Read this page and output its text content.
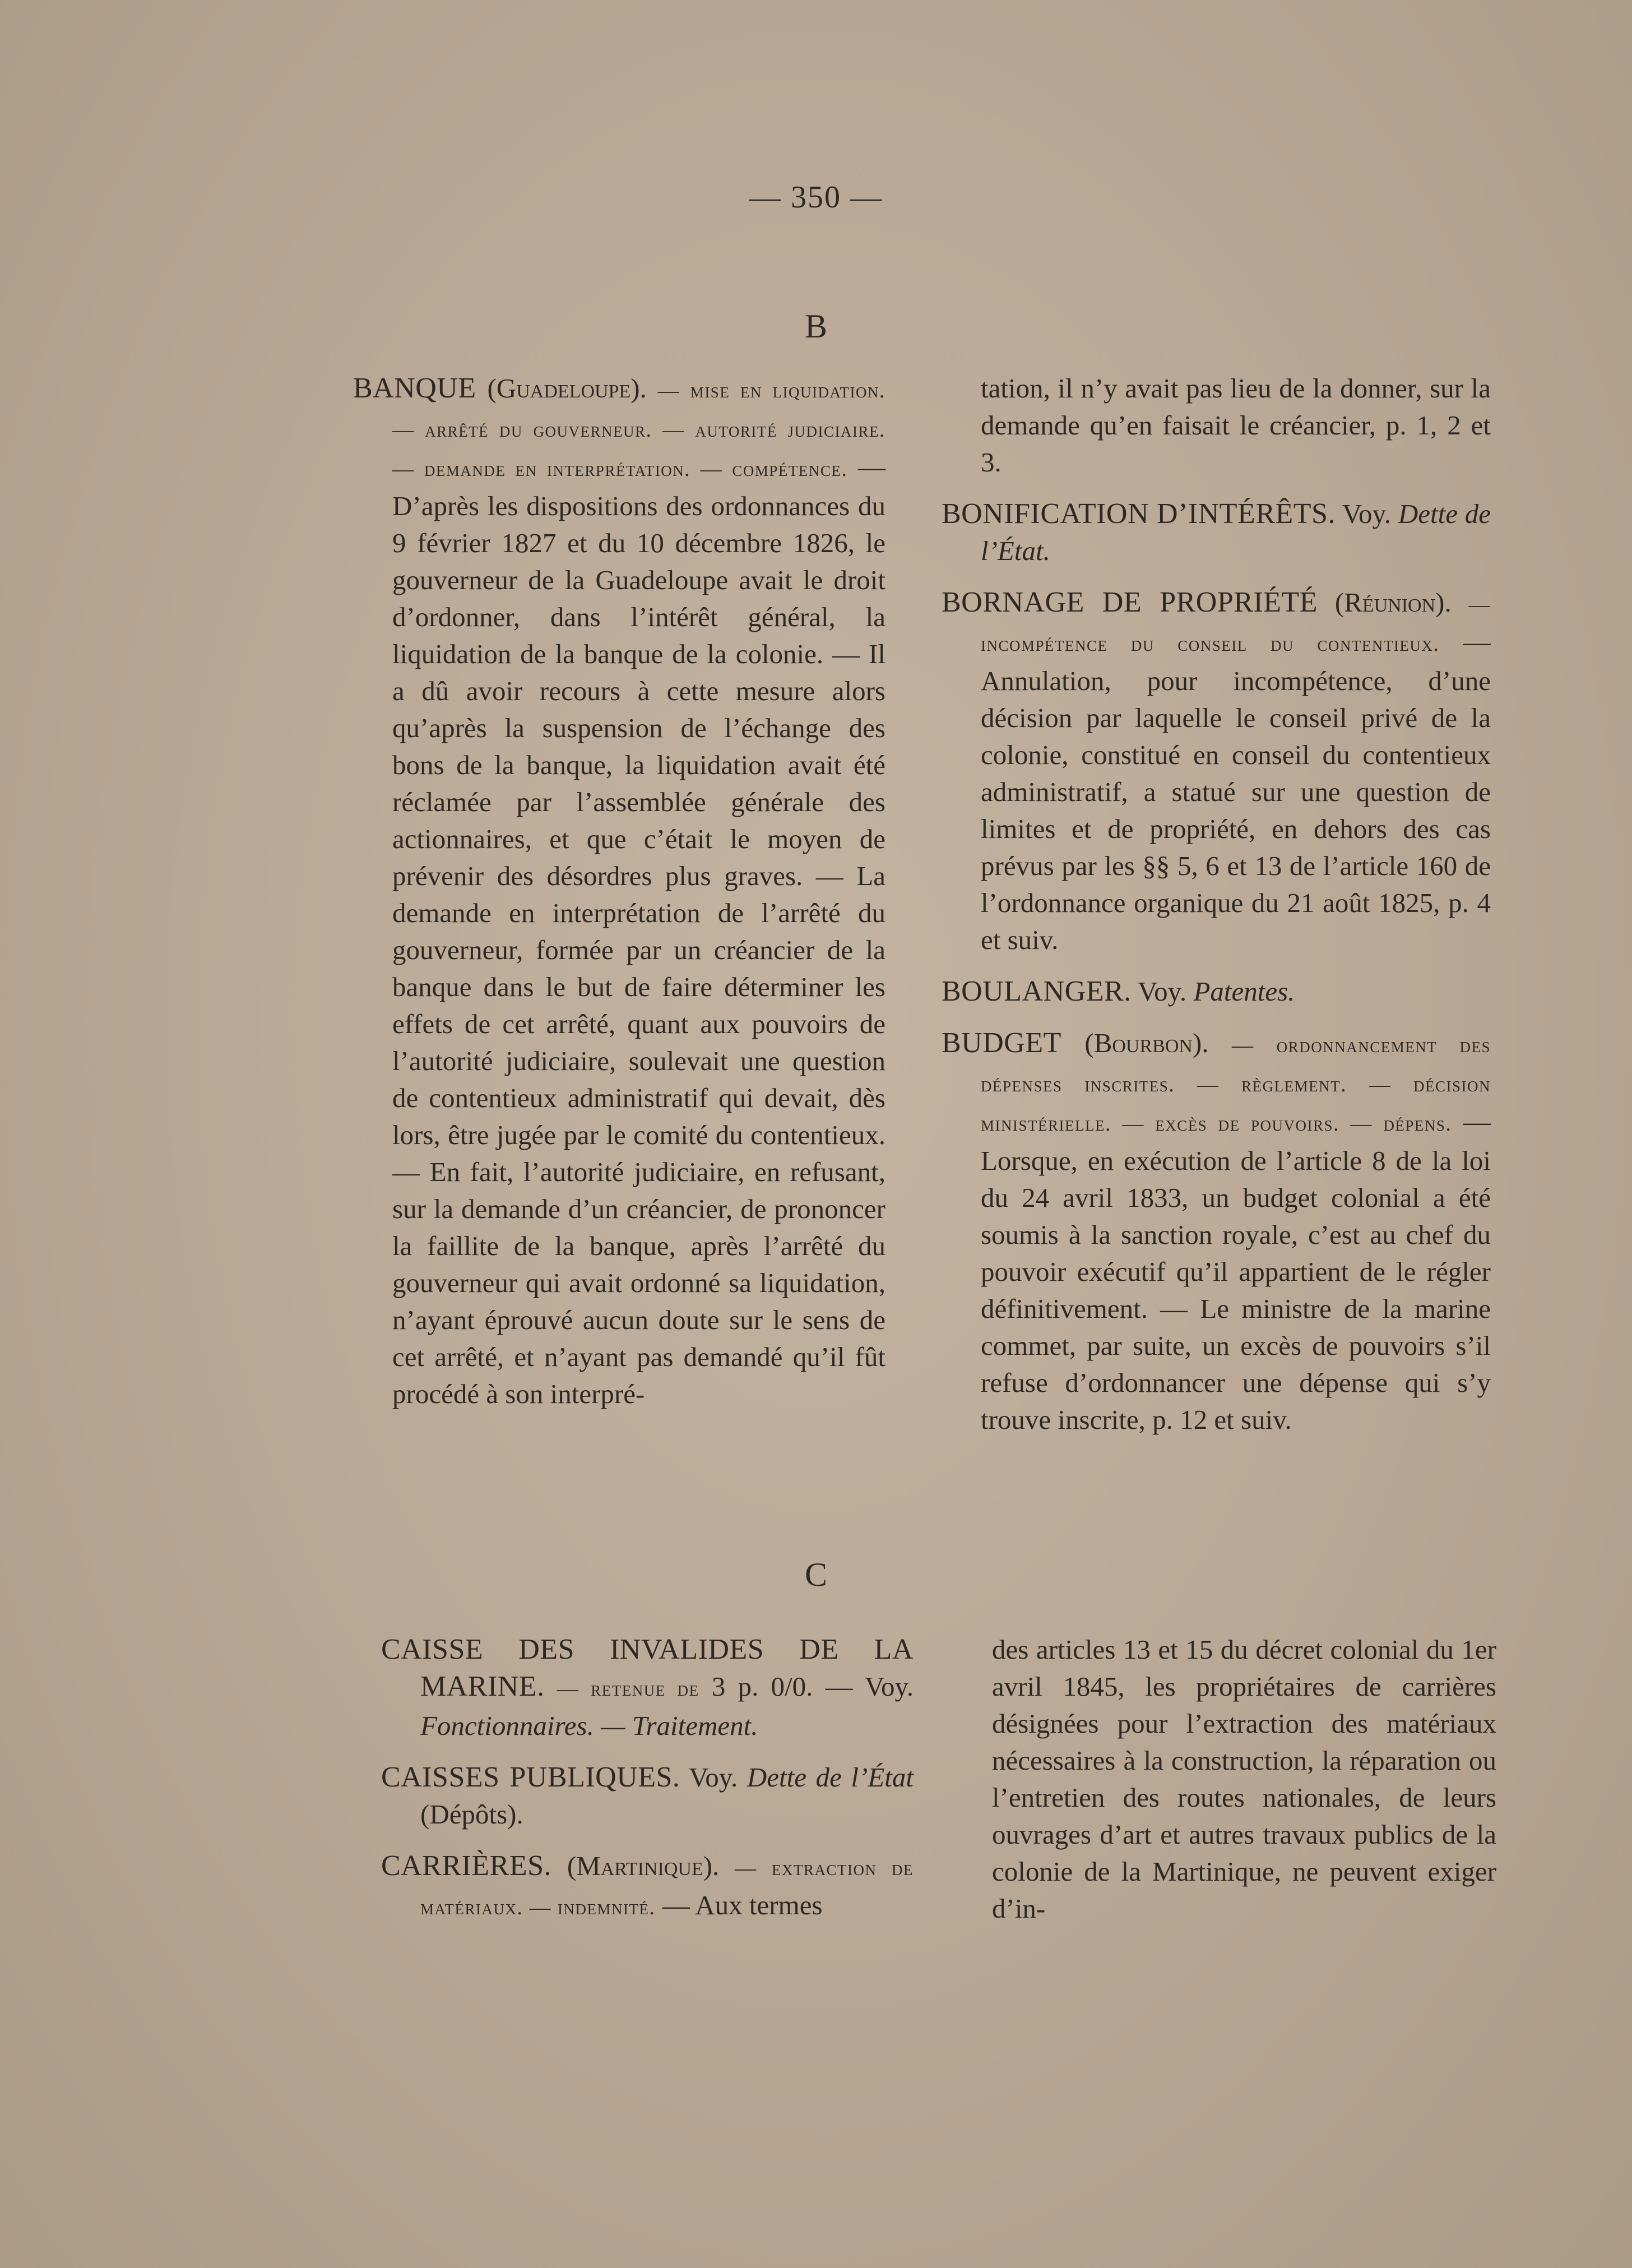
— 350 —
B

BANQUE (Guadeloupe). — mise en liquidation. — arrêté du gouverneur. — autorité judiciaire. — demande en interprétation. — compétence. — D’après les dispositions des ordonnances du 9 février 1827 et du 10 décembre 1826, le gouverneur de la Guadeloupe avait le droit d’ordonner, dans l’intérêt général, la liquidation de la banque de la colonie. — Il a dû avoir recours à cette mesure alors qu’après la suspension de l’échange des bons de la banque, la liquidation avait été réclamée par l’assemblée générale des actionnaires, et que c’était le moyen de prévenir des désordres plus graves. — La demande en interprétation de l’arrêté du gouverneur, formée par un créancier de la banque dans le but de faire déterminer les effets de cet arrêté, quant aux pouvoirs de l’autorité judiciaire, soulevait une question de contentieux administratif qui devait, dès lors, être jugée par le comité du contentieux. — En fait, l’autorité judiciaire, en refusant, sur la demande d’un créancier, de prononcer la faillite de la banque, après l’arrêté du gouverneur qui avait ordonné sa liquidation, n’ayant éprouvé aucun doute sur le sens de cet arrêté, et n’ayant pas demandé qu’il fût procédé à son interpré-

tation, il n’y avait pas lieu de la donner, sur la demande qu’en faisait le créancier, p. 1, 2 et 3.

BONIFICATION D’INTÉRÊTS. Voy. Dette de l’État.

BORNAGE DE PROPRIÉTÉ (Réunion). — incompétence du conseil du contentieux. — Annulation, pour incompétence, d’une décision par laquelle le conseil privé de la colonie, constitué en conseil du contentieux administratif, a statué sur une question de limites et de propriété, en dehors des cas prévus par les §§ 5, 6 et 13 de l’article 160 de l’ordonnance organique du 21 août 1825, p. 4 et suiv.

BOULANGER. Voy. Patentes.

BUDGET (Bourbon). — ordonnancement des dépenses inscrites. — règlement. — décision ministérielle. — excès de pouvoirs. — dépens. — Lorsque, en exécution de l’article 8 de la loi du 24 avril 1833, un budget colonial a été soumis à la sanction royale, c’est au chef du pouvoir exécutif qu’il appartient de le régler définitivement. — Le ministre de la marine commet, par suite, un excès de pouvoirs s’il refuse d’ordonnancer une dépense qui s’y trouve inscrite, p. 12 et suiv.

C

CAISSE DES INVALIDES DE LA MARINE. — retenue de 3 p. 0/0. — Voy. Fonctionnaires. — Traitement.

CAISSES PUBLIQUES. Voy. Dette de l’État (Dépôts).

CARRIÈRES. (Martinique). — extraction de matériaux. — indemnité. — Aux termes

des articles 13 et 15 du décret colonial du 1er avril 1845, les propriétaires de carrières désignées pour l’extraction des matériaux nécessaires à la construction, la réparation ou l’entretien des routes nationales, de leurs ouvrages d’art et autres travaux publics de la colonie de la Martinique, ne peuvent exiger d’in-
